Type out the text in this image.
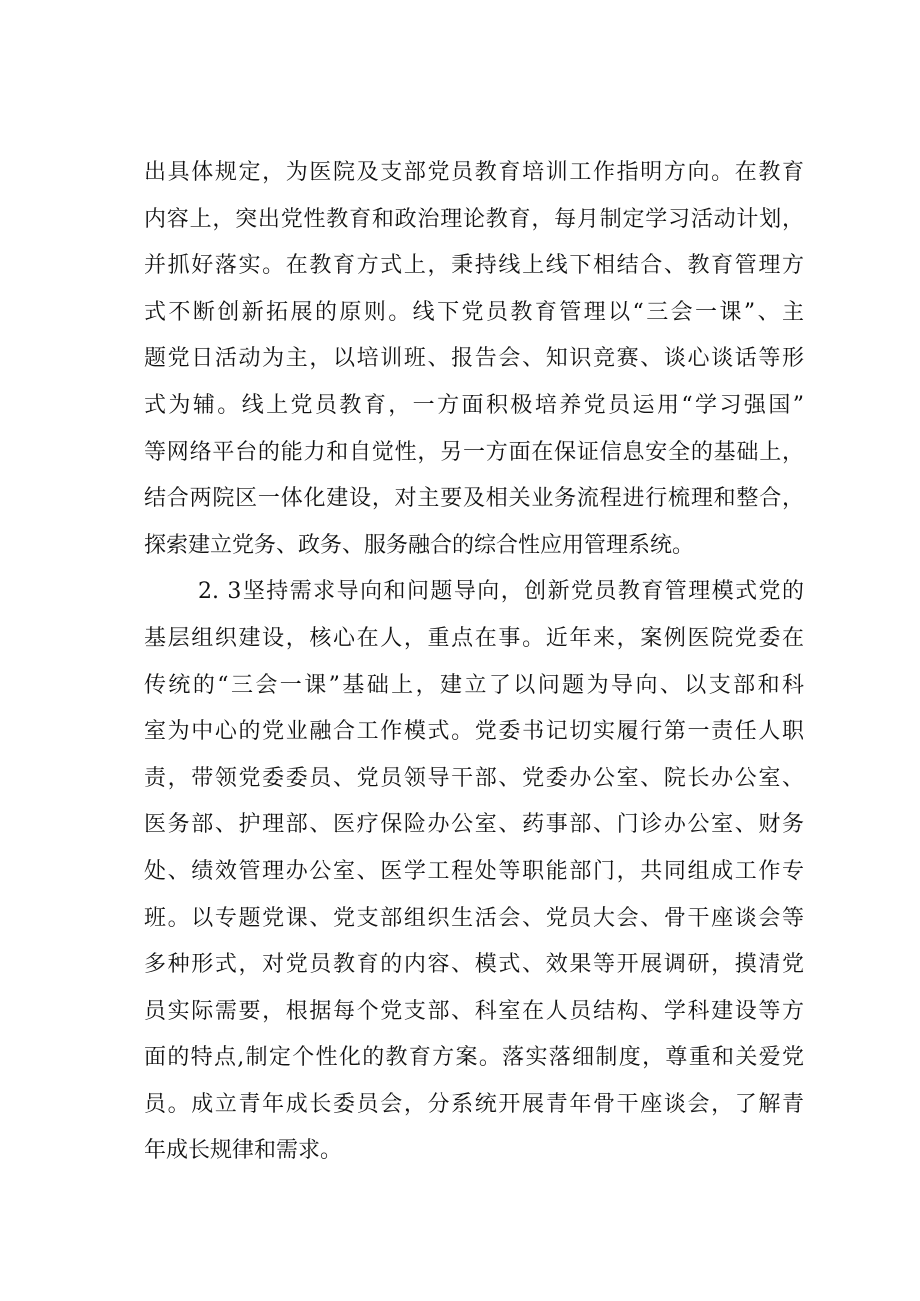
出具体规定，为医院及支部党员教育培训工作指明方向。在教育
内容上，突出党性教育和政治理论教育，每月制定学习活动计划，
并抓好落实。在教育方式上，秉持线上线下相结合、教育管理方
式不断创新拓展的原则。线下党员教育管理以“三会一课”、主
题党日活动为主，以培训班、报告会、知识竞赛、谈心谈话等形
式为辅。线上党员教育，一方面积极培养党员运用“学习强国”
等网络平台的能力和自觉性，另一方面在保证信息安全的基础上，
结合两院区一体化建设，对主要及相关业务流程进行梳理和整合，
探索建立党务、政务、服务融合的综合性应用管理系统。
2. 3坚持需求导向和问题导向，创新党员教育管理模式党的
基层组织建设，核心在人，重点在事。近年来，案例医院党委在
传统的“三会一课”基础上，建立了以问题为导向、以支部和科
室为中心的党业融合工作模式。党委书记切实履行第一责任人职
责，带领党委委员、党员领导干部、党委办公室、院长办公室、
医务部、护理部、医疗保险办公室、药事部、门诊办公室、财务
处、绩效管理办公室、医学工程处等职能部门，共同组成工作专
班。以专题党课、党支部组织生活会、党员大会、骨干座谈会等
多种形式，对党员教育的内容、模式、效果等开展调研，摸清党
员实际需要，根据每个党支部、科室在人员结构、学科建设等方
面的特点,制定个性化的教育方案。落实落细制度，尊重和关爱党
员。成立青年成长委员会，分系统开展青年骨干座谈会，了解青
年成长规律和需求。
